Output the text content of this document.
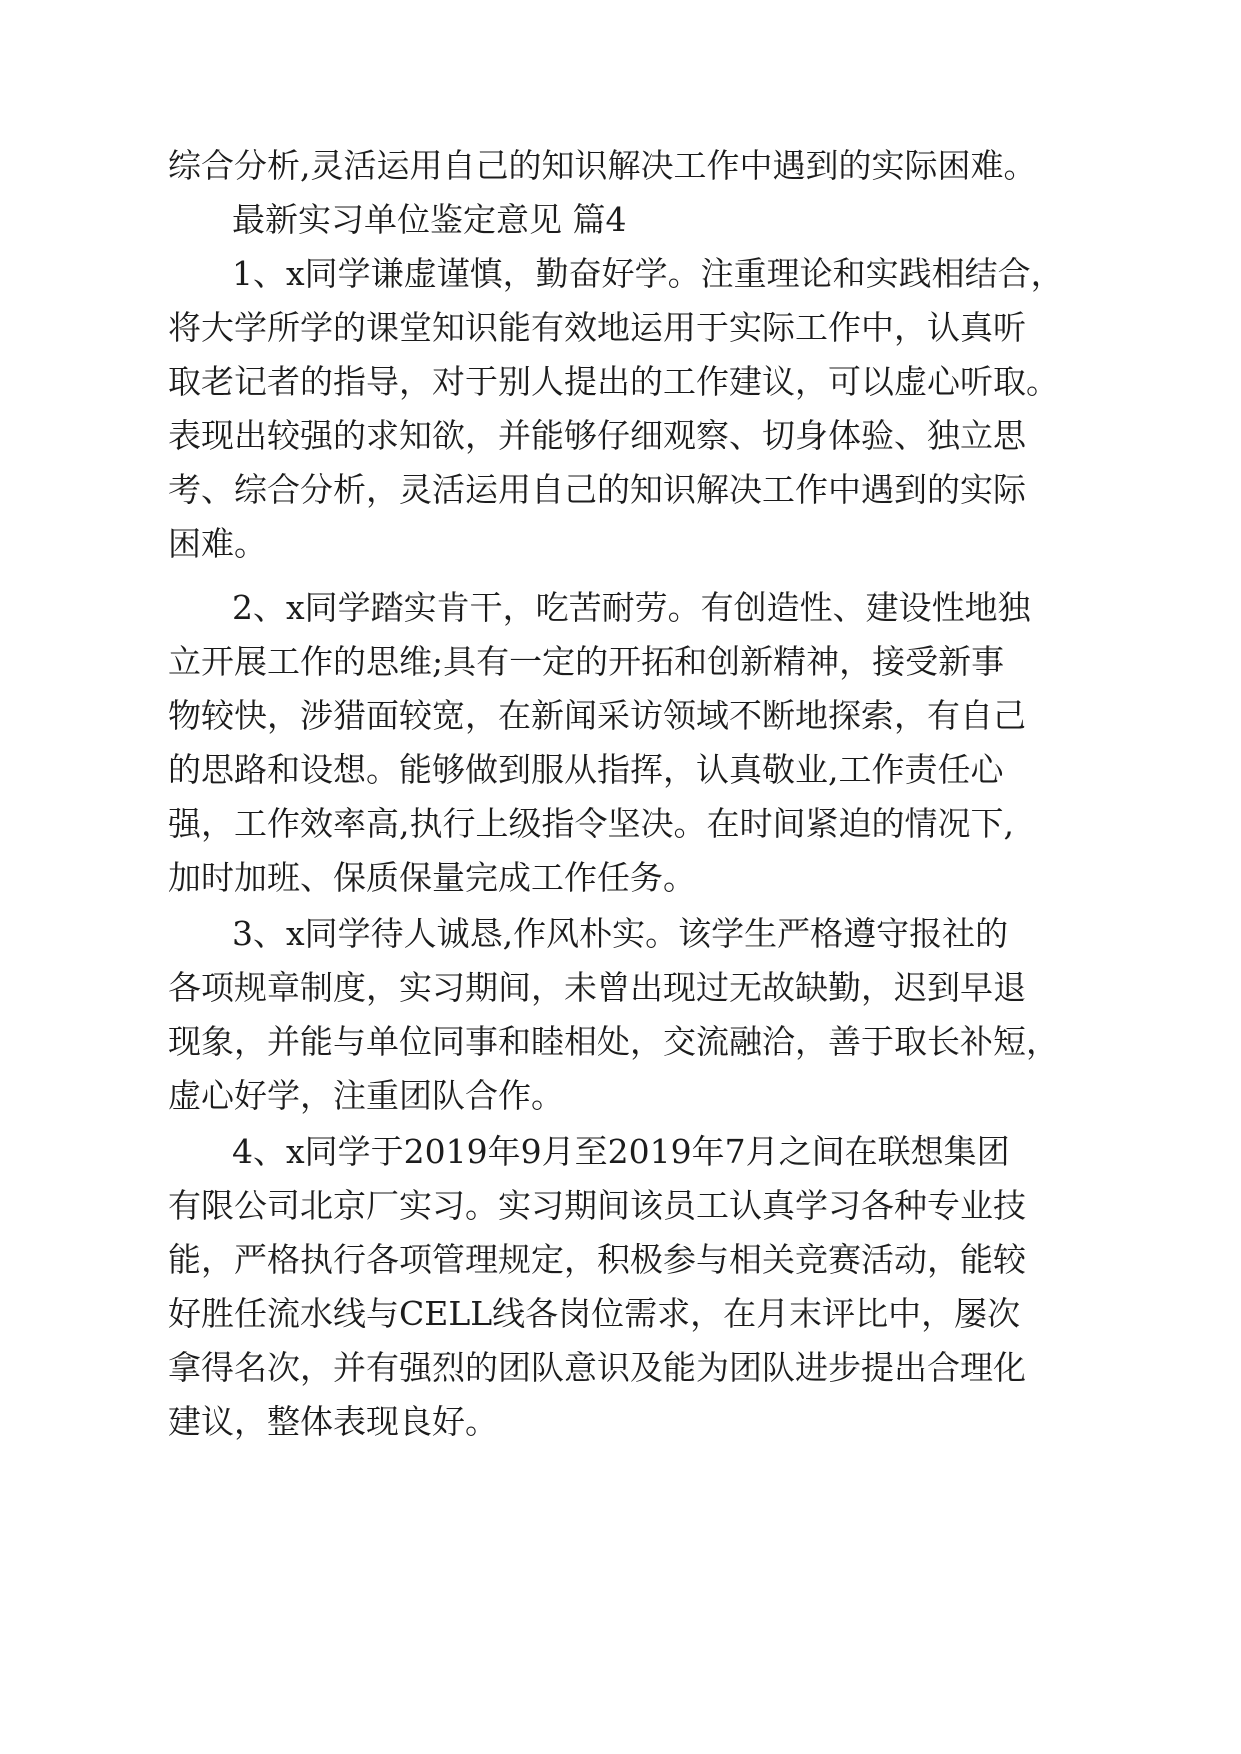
综合分析,灵活运用自己的知识解决工作中遇到的实际困难。
最新实习单位鉴定意见 篇4
1、x同学谦虚谨慎，勤奋好学。注重理论和实践相结合，
将大学所学的课堂知识能有效地运用于实际工作中，认真听
取老记者的指导，对于别人提出的工作建议，可以虚心听取。
表现出较强的求知欲，并能够仔细观察、切身体验、独立思
考、综合分析，灵活运用自己的知识解决工作中遇到的实际
困难。
2、x同学踏实肯干，吃苦耐劳。有创造性、建设性地独
立开展工作的思维;具有一定的开拓和创新精神，接受新事
物较快，涉猎面较宽，在新闻采访领域不断地探索，有自己
的思路和设想。能够做到服从指挥，认真敬业,工作责任心
强，工作效率高,执行上级指令坚决。在时间紧迫的情况下,
加时加班、保质保量完成工作任务。
3、x同学待人诚恳,作风朴实。该学生严格遵守报社的
各项规章制度，实习期间，未曾出现过无故缺勤，迟到早退
现象，并能与单位同事和睦相处，交流融洽，善于取长补短，
虚心好学，注重团队合作。
4、x同学于2019年9月至2019年7月之间在联想集团
有限公司北京厂实习。实习期间该员工认真学习各种专业技
能，严格执行各项管理规定，积极参与相关竞赛活动，能较
好胜任流水线与CELL线各岗位需求，在月末评比中，屡次
拿得名次，并有强烈的团队意识及能为团队进步提出合理化
建议，整体表现良好。
